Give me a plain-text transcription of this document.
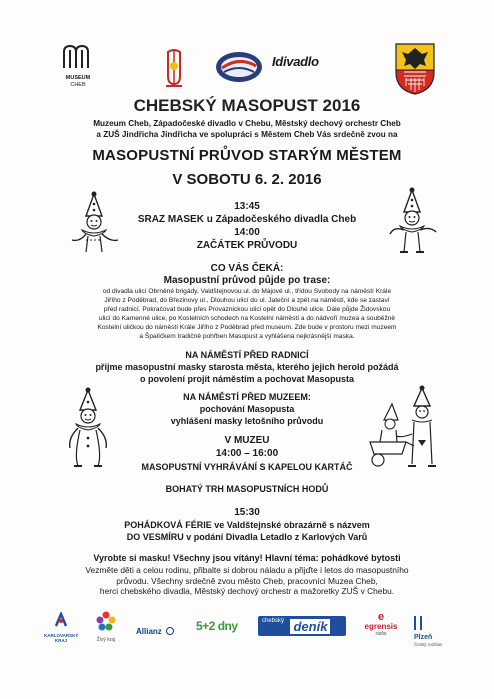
MUSEUM
CHEB
Idivadlo
CHEBSKÝ MASOPUST 2016
Muzeum Cheb, Západočeské divadlo v Chebu, Městský dechový orchestr Cheb
a ZUŠ Jindřicha Jindřicha ve spolupráci s Městem Cheb Vás srdečně zvou na
MASOPUSTNÍ PRŮVOD STARÝM MĚSTEM
V SOBOTU 6. 2. 2016
13:45
SRAZ MASEK u Západočeského divadla Cheb
14:00
ZAČÁTEK PRŮVODU
CO VÁS ČEKÁ:
Masopustní průvod půjde po trase:
od divadla ulicí Obrněné brigády, Valdštejnovou ul. do Májové ul., třídou Svobody na náměstí Krále
Jiřího z Poděbrad, do Březinovy ul., Dlouhou ulicí do ul. Jateční a zpět na náměstí, kde se zastaví
před radnicí. Pokračovat bude přes Provaznickou ulici opět do Dlouhé ulice. Dále půjde Židovskou
ulicí do Kamenné ulice, po Kostelních schodech na Kostelní náměstí a do nádvoří muzea a souběžně
Kostelní uličkou do náměstí Krále Jiřího z Poděbrad před museum. Zde bude v prostoru mezi muzeem
a Špalíčkem tradičně pohřben Masopust a vyhlášena nejkrásnější maska.
NA NÁMĚSTÍ PŘED RADNICÍ
přijme masopustní masky starosta města, kterého jejich herold požádá
o povolení projít náměstím a pochovat Masopusta
NA NÁMĚSTÍ PŘED MUZEEM:
pochování Masopusta
vyhlášení masky letošního průvodu
V MUZEU
14:00 – 16:00
MASOPUSTNÍ VYHRÁVÁNÍ S KAPELOU KARTÁČ
BOHATÝ TRH MASOPUSTNÍCH HODŮ
15:30
POHÁDKOVÁ FÉRIE ve Valdštejnské obrazárně s názvem
DO VESMÍRU v podání Divadla Letadlo z Karlových Varů
Vyrobte si masku! Všechny jsou vítány! Hlavní téma: pohádkové bytosti
Vezměte děti a celou rodinu, přibalte si dobrou náladu a přijďte i letos do masopustního
průvodu. Všechny srdečně zvou město Cheb, pracovníci Muzea Cheb,
herci chebského divadla, Městský dechový orchestr a mažoretky ZUŠ v Chebu.
KARLOVARSKÝ
KRAJ	Živý kraj
Allianz	5+2 dny	$^{chebský}$ deník
e
egrensis
rádio
	Plzeň
Český rozhlas
